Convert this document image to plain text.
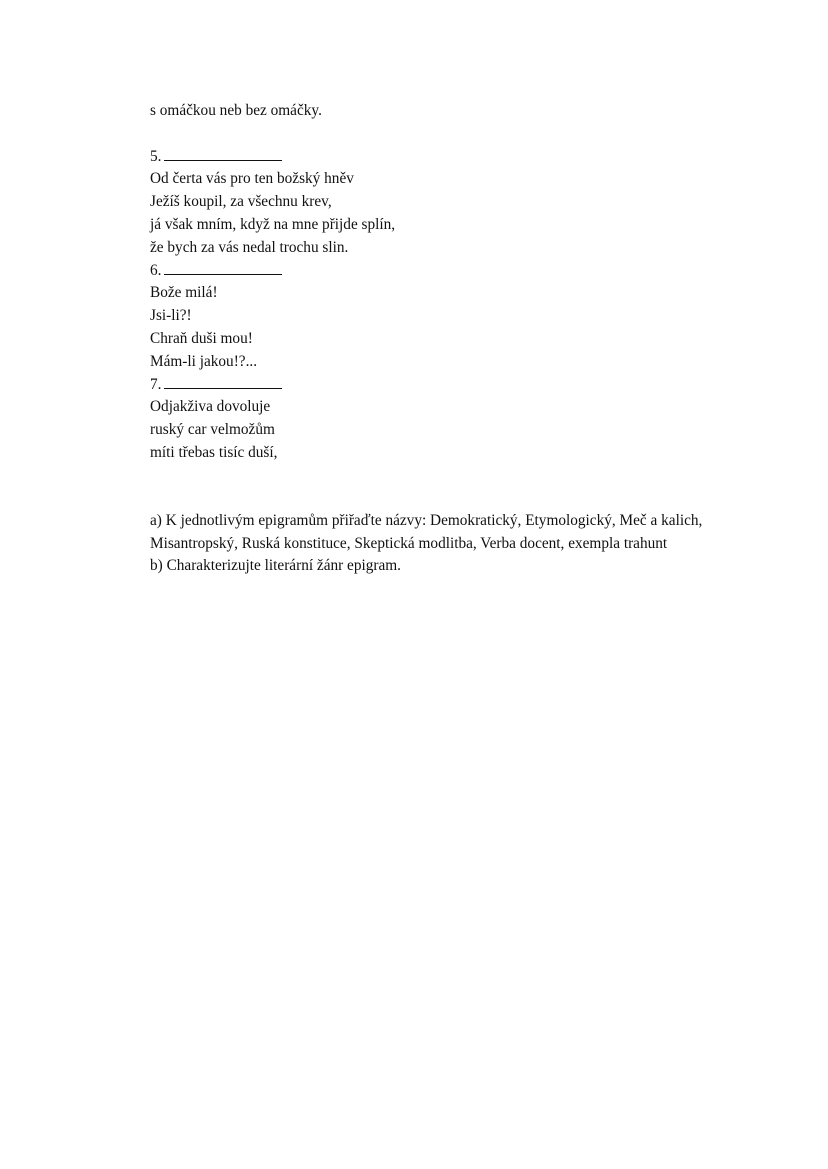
s omáčkou neb bez omáčky.
5.
Od čerta vás pro ten božský hněv
Ježíš koupil, za všechnu krev,
já však mním, když na mne přijde splín,
že bych za vás nedal trochu slin.
6.
Bože milá!
Jsi-li?!
Chraň duši mou!
Mám-li jakou!?...
7.
Odjakživa dovoluje
ruský car velmožům
míti třebas tisíc duší,
a) K jednotlivým epigramům přiřaďte názvy: Demokratický, Etymologický, Meč a kalich, Misantropský, Ruská konstituce, Skeptická modlitba, Verba docent, exempla trahunt
b) Charakterizujte literární žánr epigram.
